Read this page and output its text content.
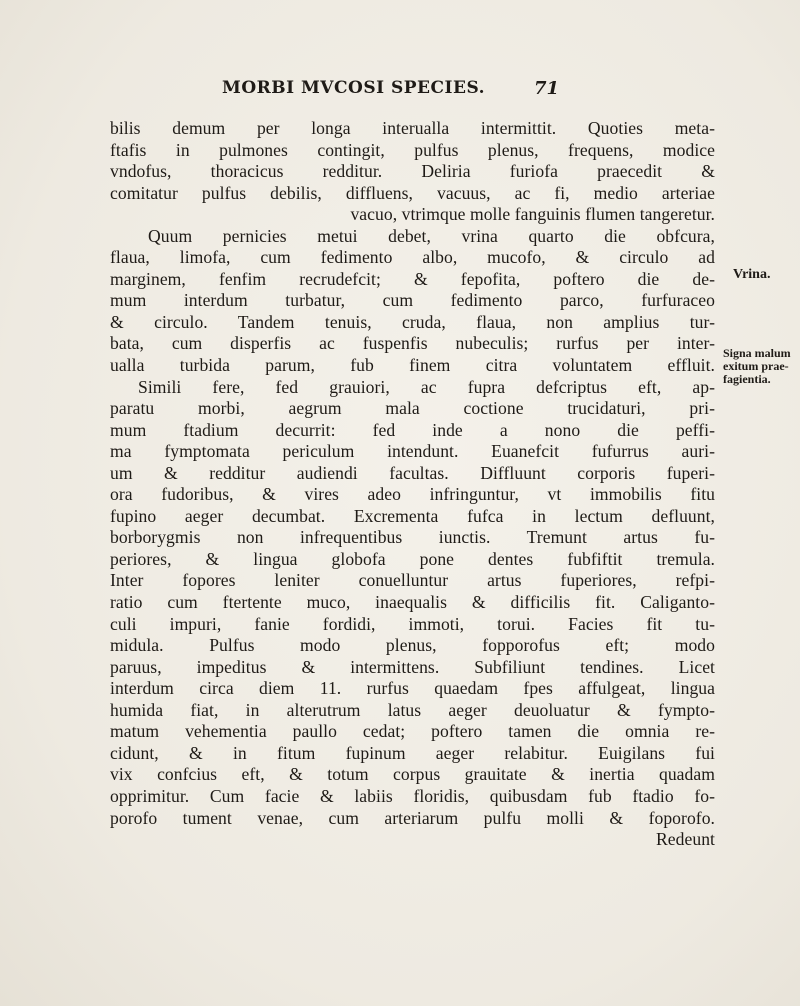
MORBI MVCOSI SPECIES.	71
Vrina.
Signa malum
exitum prae-
fagientia.
bilis demum per longa interualla intermittit. Quoties meta-
ftafis in pulmones contingit, pulfus plenus, frequens, modice
vndofus, thoracicus redditur. Deliria furiofa praecedit &
comitatur pulfus debilis, diffluens, vacuus, ac fi, medio arteriae
vacuo, vtrimque molle fanguinis flumen tangeretur.
Quum pernicies metui debet, vrina quarto die obfcura,
flaua, limofa, cum fedimento albo, mucofo, & circulo ad
marginem, fenfim recrudefcit; & fepofita, poftero die de-
mum interdum turbatur, cum fedimento parco, furfuraceo
& circulo. Tandem tenuis, cruda, flaua, non amplius tur-
bata, cum disperfis ac fuspenfis nubeculis; rurfus per inter-
ualla turbida parum, fub finem citra voluntatem effluit.
Simili fere, fed grauiori, ac fupra defcriptus eft, ap-
paratu morbi, aegrum mala coctione trucidaturi, pri-
mum ftadium decurrit: fed inde a nono die peffi-
ma fymptomata periculum intendunt. Euanefcit fufurrus auri-
um & redditur audiendi facultas. Diffluunt corporis fuperi-
ora fudoribus, & vires adeo infringuntur, vt immobilis fitu
fupino aeger decumbat. Excrementa fufca in lectum defluunt,
borborygmis non infrequentibus iunctis. Tremunt artus fu-
periores, & lingua globofa pone dentes fubfiftit tremula.
Inter fopores leniter conuelluntur artus fuperiores, refpi-
ratio cum ftertente muco, inaequalis & difficilis fit. Caliganto-
culi impuri, fanie fordidi, immoti, torui. Facies fit tu-
midula. Pulfus modo plenus, fopporofus eft; modo
paruus, impeditus & intermittens. Subfiliunt tendines. Licet
interdum circa diem 11. rurfus quaedam fpes affulgeat, lingua
humida fiat, in alterutrum latus aeger deuoluatur & fympto-
matum vehementia paullo cedat; poftero tamen die omnia re-
cidunt, & in fitum fupinum aeger relabitur. Euigilans fui
vix confcius eft, & totum corpus grauitate & inertia quadam
opprimitur. Cum facie & labiis floridis, quibusdam fub ftadio fo-
porofo tument venae, cum arteriarum pulfu molli & foporofo.
Redeunt
